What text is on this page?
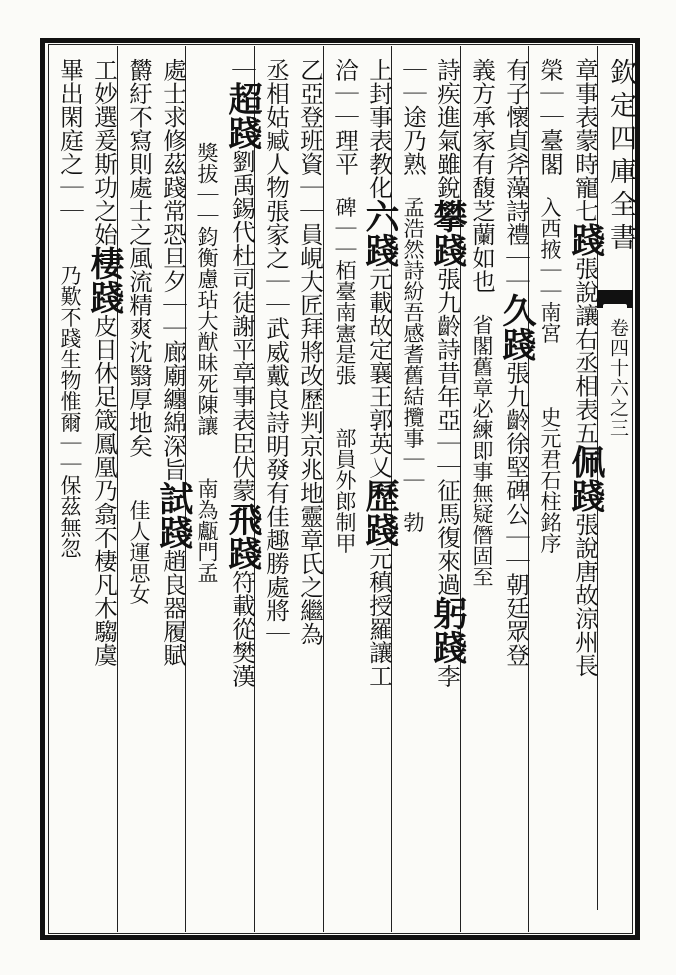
欽定四庫全書
卷四十六之三
章事表蒙時寵七踐張說讓右丞相表五佩踐張說唐故涼州長
榮｜｜臺閣　入西掖｜｜南宮　　　史元君石柱銘序
有子懷貞斧藻詩禮｜｜久踐張九齡徐堅碑公｜｜朝廷眾登
義方承家有馥芝蘭如也　省閣舊章必練即事無疑僭固至
詩疾進氣雖銳攀踐張九齡詩昔年亞｜｜征馬復來過躬踐李
｜｜途乃熟　孟浩然詩紛吾感耆舊結攬事｜｜　勃
上封事表教化六踐元載故定襄王郭英乂歷踐元稹授羅讓工
洽｜｜理平　碑｜｜栢臺南憲是張　　部員外郎制甲
乙亞登班資｜｜員峴大匠拜將改歷判京兆地靈章氏之繼為
丞相姑臧人物張家之｜｜武威戴良詩明發有佳趣勝處將｜
｜超踐劉禹錫代杜司徒謝平章事表臣伏蒙飛踐符載從樊漢
　　　　獎拔｜｜鈞衡慮玷大猷昧死陳讓　　南為甗門孟
處士求修茲踐常恐旦夕｜｜廊廟纏綿深旨試踐趙良器履賦
欝紆不寫則處士之風流精爽沈翳厚地矣　　佳人運思女
工妙選爰斯功之始棲踐皮日休足箴鳳凰乃翕不棲凡木騶虞
畢出閑庭之｜｜　　乃歎不踐生物惟爾｜｜保茲無忽
